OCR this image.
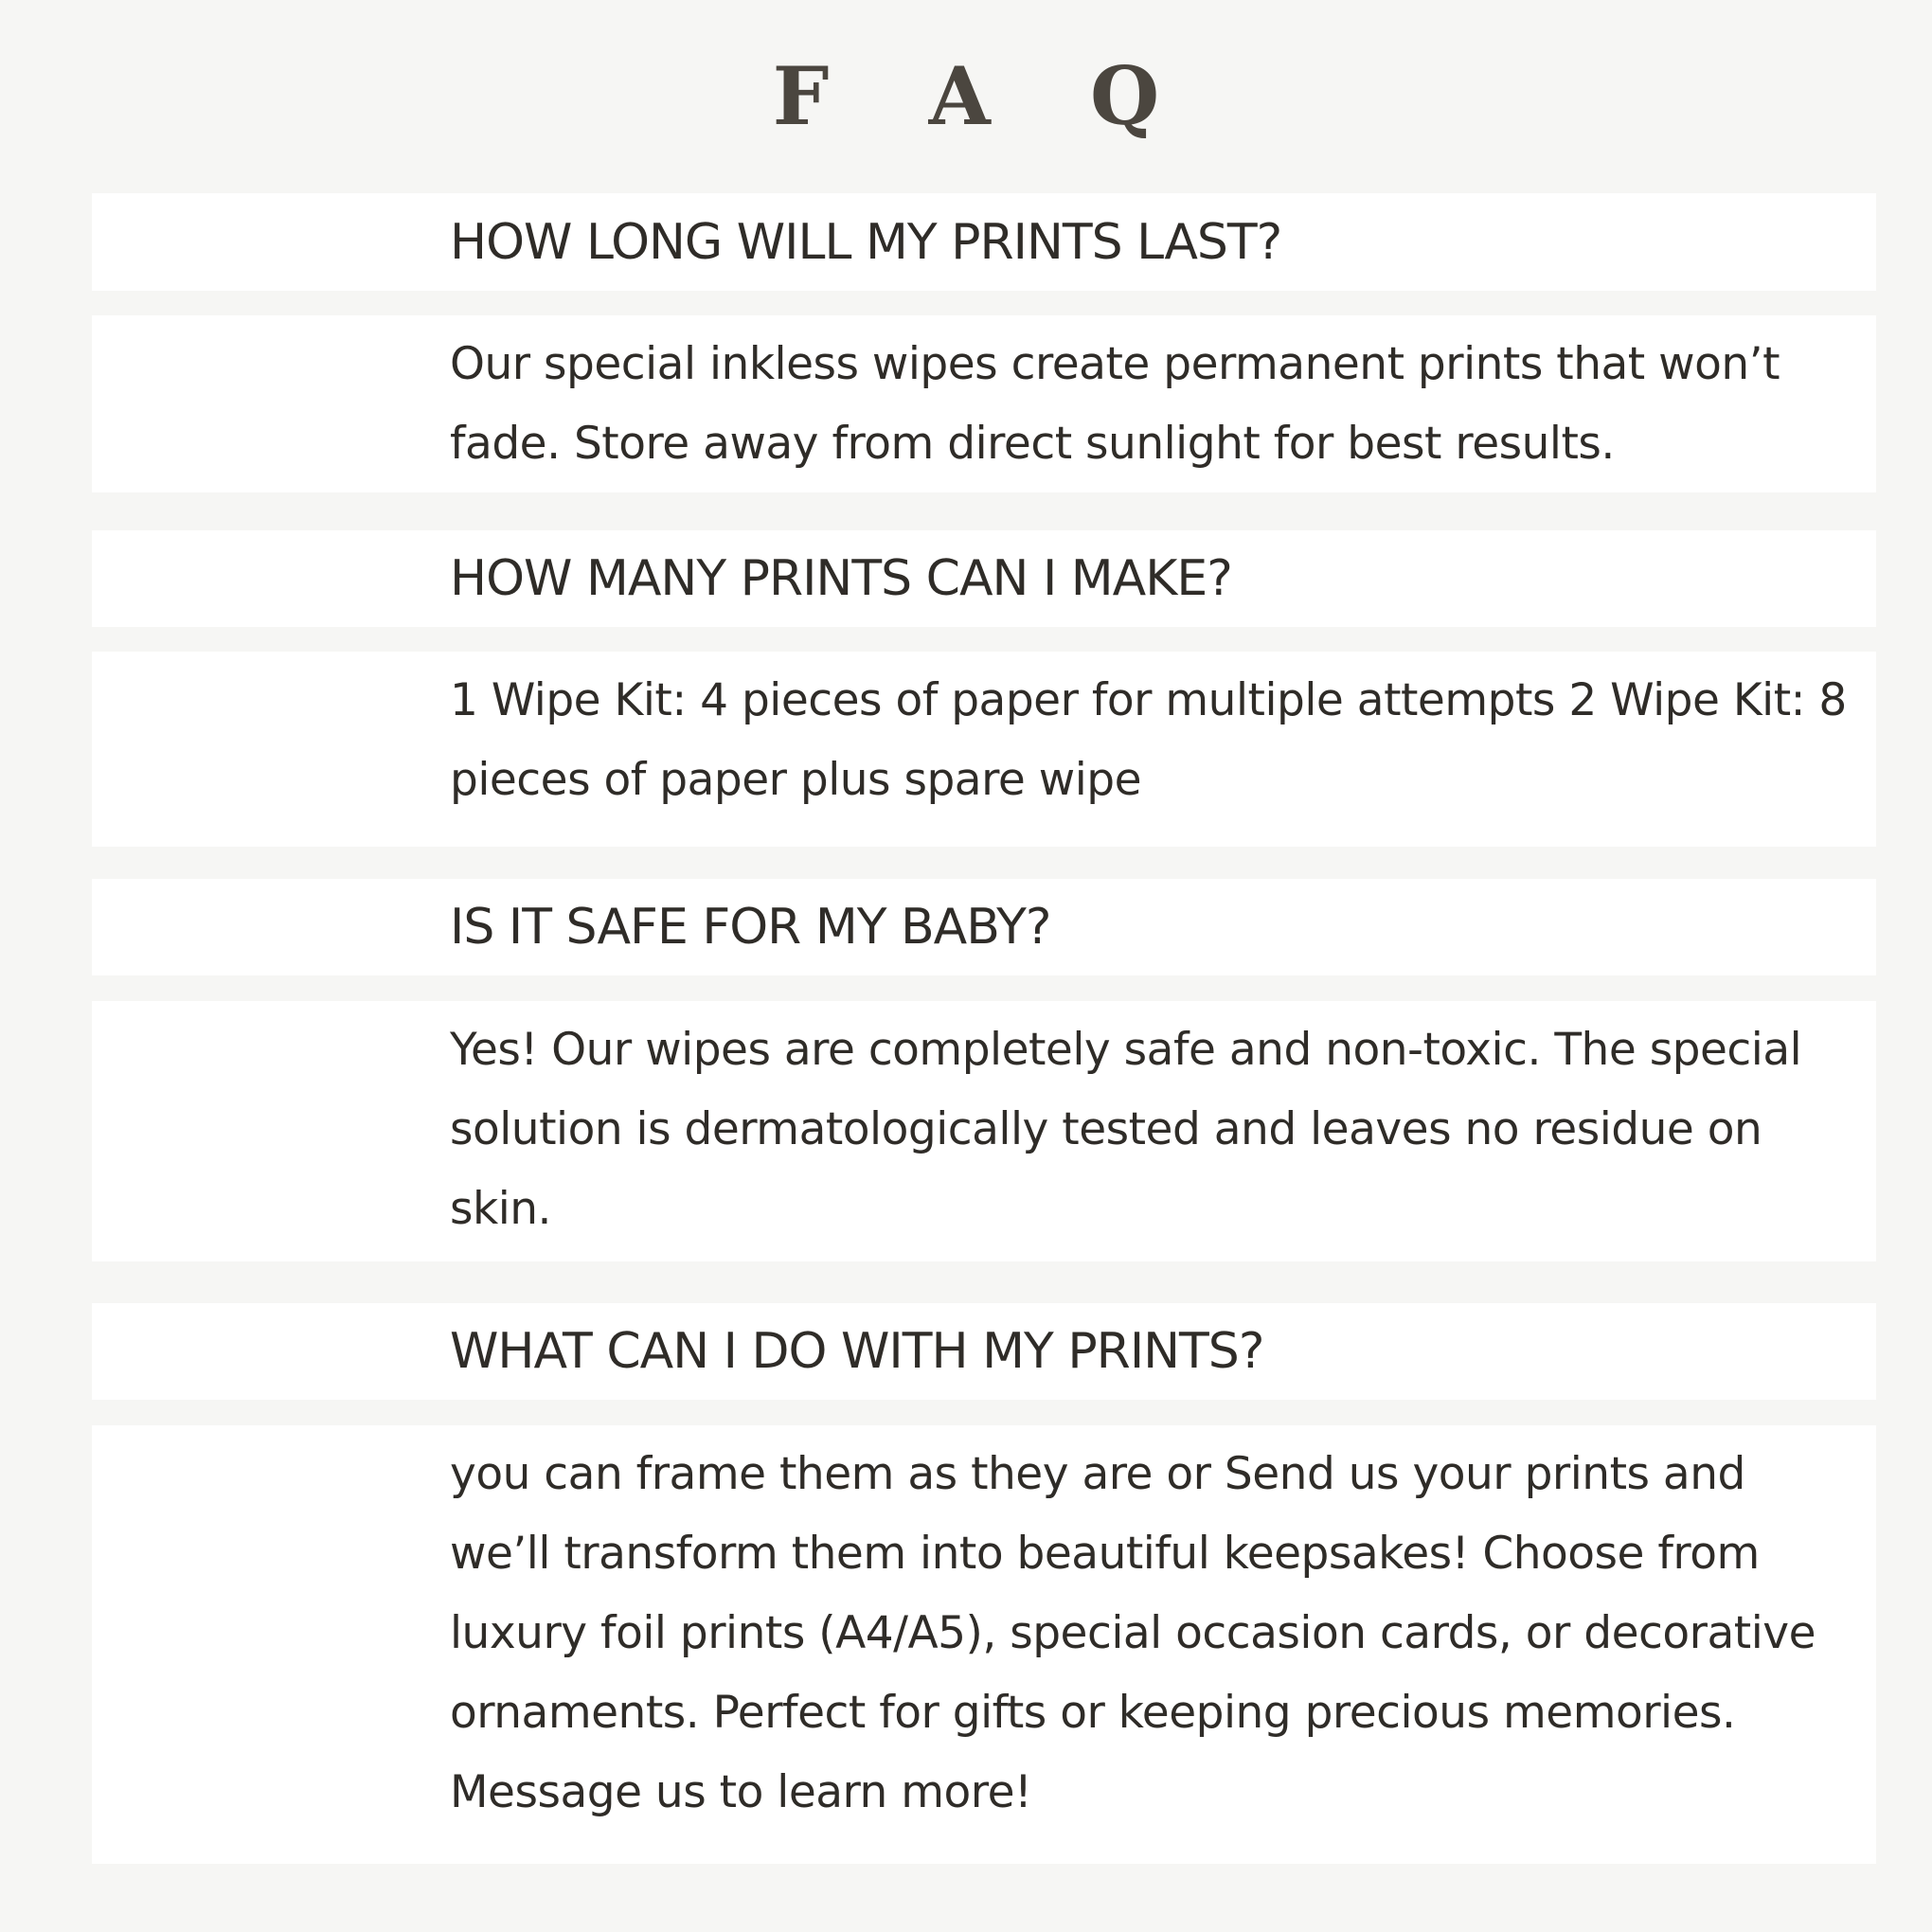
F A Q
HOW LONG WILL MY PRINTS LAST?
Our special inkless wipes create permanent prints that won’t fade. Store away from direct sunlight for best results.
HOW MANY PRINTS CAN I MAKE?
1 Wipe Kit: 4 pieces of paper for multiple attempts 2 Wipe Kit: 8 pieces of paper plus spare wipe
IS IT SAFE FOR MY BABY?
Yes! Our wipes are completely safe and non-toxic. The special solution is dermatologically tested and leaves no residue on skin.
WHAT CAN I DO WITH MY PRINTS?
you can frame them as they are or Send us your prints and we’ll transform them into beautiful keepsakes! Choose from luxury foil prints (A4/A5), special occasion cards, or decorative ornaments. Perfect for gifts or keeping precious memories. Message us to learn more!
